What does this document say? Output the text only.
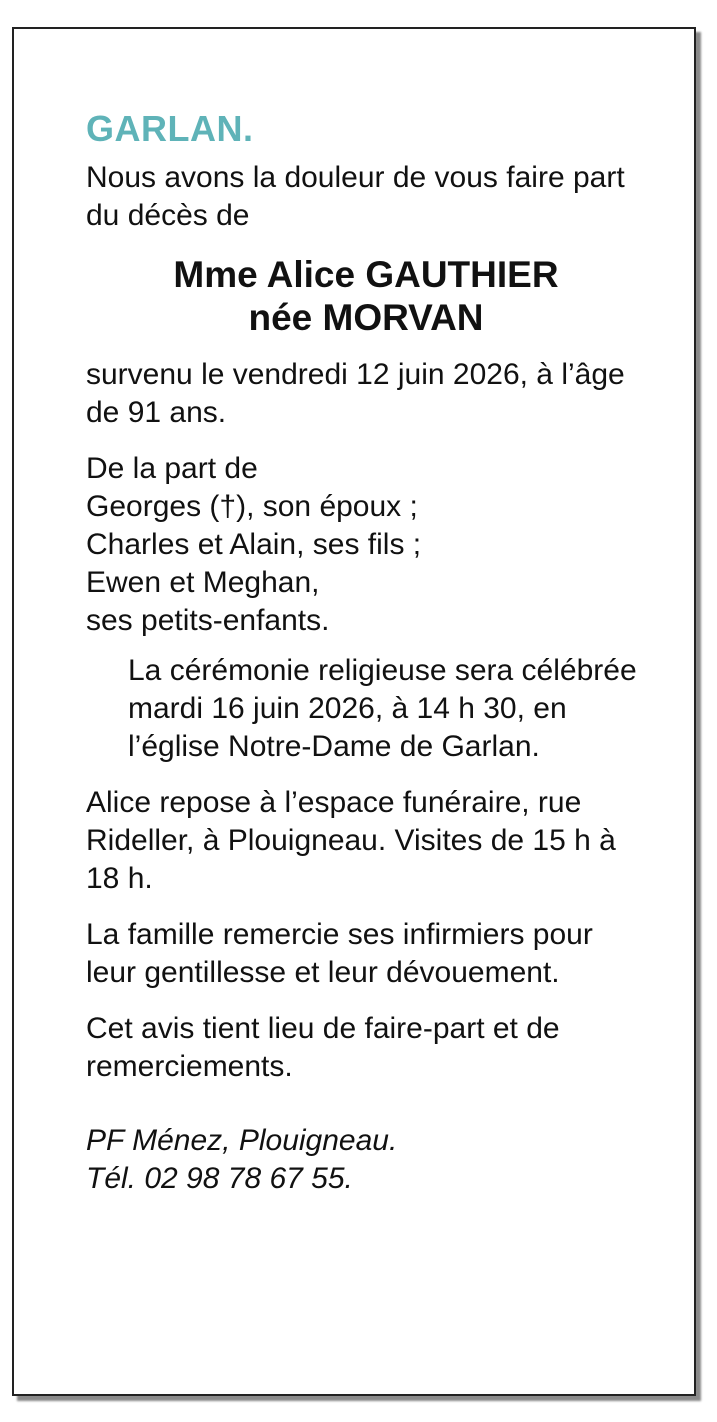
GARLAN.

Nous avons la douleur de vous faire part du décès de

Mme Alice GAUTHIER
née MORVAN

survenu le vendredi 12 juin 2026, à l’âge de 91 ans.

De la part de
Georges (†), son époux ;
Charles et Alain, ses fils ;
Ewen et Meghan,
ses petits-enfants.

La cérémonie religieuse sera célébrée mardi 16 juin 2026, à 14 h 30, en l’église Notre-Dame de Garlan.

Alice repose à l’espace funéraire, rue Rideller, à Plouigneau. Visites de 15 h à 18 h.

La famille remercie ses infirmiers pour leur gentillesse et leur dévouement.

Cet avis tient lieu de faire-part et de remerciements.

PF Ménez, Plouigneau.
Tél. 02 98 78 67 55.
